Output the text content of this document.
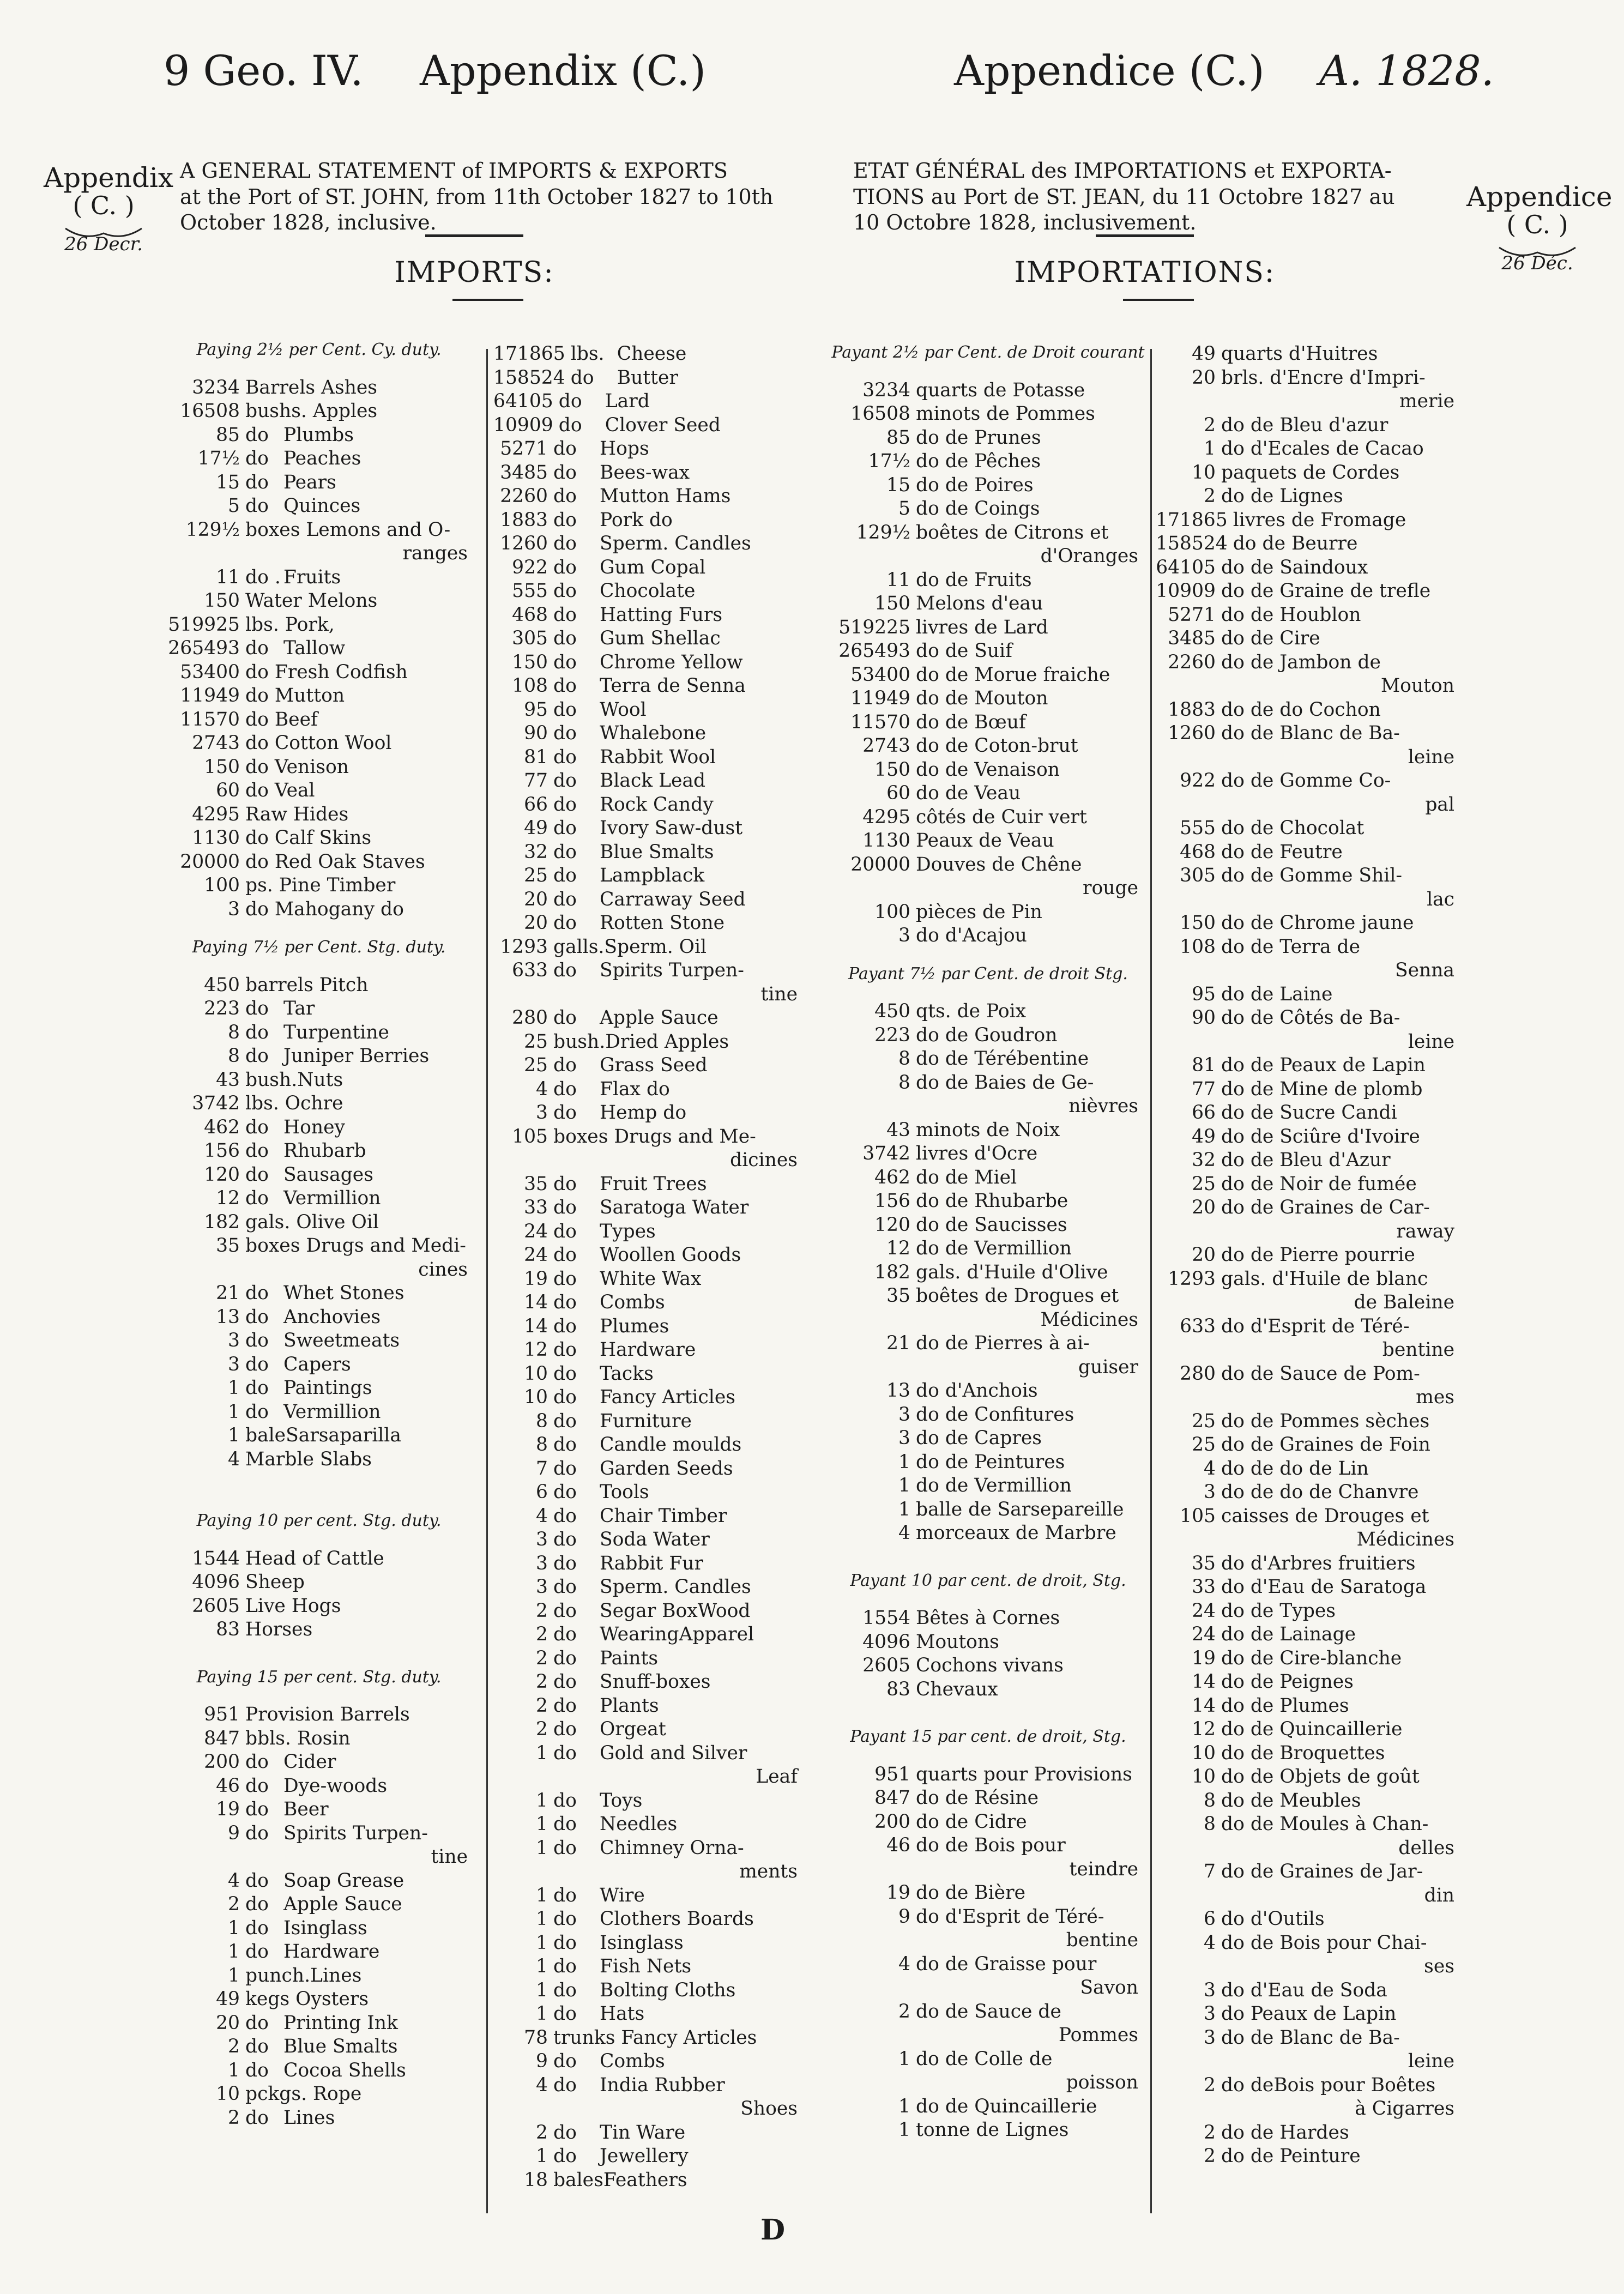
9 Geo. IV. Appendix (C.)	Appendice (C.) A. 1828.
Appendix
( C. )
26 Decr.
Appendice
( C. )
26 Déc.
A GENERAL STATEMENT of IMPORTS & EXPORTS
at the Port of ST. JOHN, from 11th October 1827 to 10th
October 1828, inclusive.
ETAT GÉNÉRAL des IMPORTATIONS et EXPORTA-
TIONS au Port de ST. JEAN, du 11 Octobre 1827 au
10 Octobre 1828, inclusivement.
IMPORTS:	IMPORTATIONS:
Paying 2½ per Cent. Cy. duty.
3234 Barrels Ashes
16508 bushs. Apples
85 do Plumbs
17½ do Peaches
15 do Pears
5 do Quinces
129½ boxes Lemons and O-
ranges
11 do . Fruits
150 Water Melons
519925 lbs. Pork,
265493 do Tallow
53400 do Fresh Codfish
11949 do Mutton
11570 do Beef
2743 do Cotton Wool
150 do Venison
60 do Veal
4295 Raw Hides
1130 do Calf Skins
20000 do Red Oak Staves
100 ps. Pine Timber
3 do Mahogany do
Paying 7½ per Cent. Stg. duty.
450 barrels Pitch
223 do Tar
8 do Turpentine
8 do Juniper Berries
43 bush.Nuts
3742 lbs. Ochre
462 do Honey
156 do Rhubarb
120 do Sausages
12 do Vermillion
182 gals. Olive Oil
35 boxes Drugs and Medi-
cines
21 do Whet Stones
13 do Anchovies
3 do Sweetmeats
3 do Capers
1 do Paintings
1 do Vermillion
1 bale Sarsaparilla
4 Marble Slabs
Paying 10 per cent. Stg. duty.
1544 Head of Cattle
4096 Sheep
2605 Live Hogs
83 Horses
Paying 15 per cent. Stg. duty.
951 Provision Barrels
847 bbls. Rosin
200 do Cider
46 do Dye-woods
19 do Beer
9 do Spirits Turpen-
tine
4 do Soap Grease
2 do Apple Sauce
1 do Isinglass
1 do Hardware
1 punch.Lines
49 kegs Oysters
20 do Printing Ink
2 do Blue Smalts
1 do Cocoa Shells
10 pckgs. Rope
2 do Lines
171865 lbs. Cheese
158524 do	Butter
64105 do	Lard
10909 do	Clover Seed
5271 do	Hops
3485 do	Bees-wax
2260 do	Mutton Hams
1883 do	Pork do
1260 do	Sperm. Candles
922 do	Gum Copal
555 do	Chocolate
468 do	Hatting Furs
305 do	Gum Shellac
150 do	Chrome Yellow
108 do	Terra de Senna
95 do	Wool
90 do	Whalebone
81 do	Rabbit Wool
77 do	Black Lead
66 do	Rock Candy
49 do	Ivory Saw-dust
32 do	Blue Smalts
25 do	Lampblack
20 do	Carraway Seed
20 do	Rotten Stone
1293 galls. Sperm. Oil
633 do	Spirits Turpen-
tine
280 do	Apple Sauce
25 bush. Dried Apples
25 do	Grass Seed
4 do	Flax do
3 do	Hemp do
105 boxes Drugs and Me-
dicines
35 do	Fruit Trees
33 do	Saratoga Water
24 do	Types
24 do	Woollen Goods
19 do	White Wax
14 do	Combs
14 do	Plumes
12 do	Hardware
10 do	Tacks
10 do	Fancy Articles
8 do	Furniture
8 do	Candle moulds
7 do	Garden Seeds
6 do	Tools
4 do	Chair Timber
3 do	Soda Water
3 do	Rabbit Fur
3 do	Sperm. Candles
2 do	Segar BoxWood
2 do	WearingApparel
2 do	Paints
2 do	Snuff-boxes
2 do	Plants
2 do	Orgeat
1 do	Gold and Silver
Leaf
1 do	Toys
1 do	Needles
1 do	Chimney Orna-
ments
1 do	Wire
1 do	Clothers Boards
1 do	Isinglass
1 do	Fish Nets
1 do	Bolting Cloths
1 do	Hats
78 trunks Fancy Articles
9 do	Combs
4 do	India Rubber
Shoes
2 do	Tin Ware
1 do	Jewellery
18 bales Feathers
Payant 2½ par Cent. de Droit courant
3234 quarts de Potasse
16508 minots de Pommes
85 do de Prunes
17½ do de Pêches
15 do de Poires
5 do de Coings
129½ boêtes de Citrons et
d'Oranges
11 do de Fruits
150 Melons d'eau
519225 livres de Lard
265493 do de Suif
53400 do de Morue fraiche
11949 do de Mouton
11570 do de Bœuf
2743 do de Coton-brut
150 do de Venaison
60 do de Veau
4295 côtés de Cuir vert
1130 Peaux de Veau
20000 Douves de Chêne
rouge
100 pièces de Pin
3 do d'Acajou
Payant 7½ par Cent. de droit Stg.
450 qts. de Poix
223 do de Goudron
8 do de Térébentine
8 do de Baies de Ge-
nièvres
43 minots de Noix
3742 livres d'Ocre
462 do de Miel
156 do de Rhubarbe
120 do de Saucisses
12 do de Vermillion
182 gals. d'Huile d'Olive
35 boêtes de Drogues et
Médicines
21 do de Pierres à ai-
guiser
13 do d'Anchois
3 do de Confitures
3 do de Capres
1 do de Peintures
1 do de Vermillion
1 balle de Sarsepareille
4 morceaux de Marbre
Payant 10 par cent. de droit, Stg.
1554 Bêtes à Cornes
4096 Moutons
2605 Cochons vivans
83 Chevaux
Payant 15 par cent. de droit, Stg.
951 quarts pour Provisions
847 do de Résine
200 do de Cidre
46 do de Bois pour
teindre
19 do de Bière
9 do d'Esprit de Téré-
bentine
4 do de Graisse pour
Savon
2 do de Sauce de
Pommes
1 do de Colle de
poisson
1 do de Quincaillerie
1 tonne de Lignes
49 quarts d'Huitres
20 brls. d'Encre d'Impri-
merie
2 do de Bleu d'azur
1 do d'Ecales de Cacao
10 paquets de Cordes
2 do de Lignes
171865 livres de Fromage
158524 do de Beurre
64105 do de Saindoux
10909 do de Graine de trefle
5271 do de Houblon
3485 do de Cire
2260 do de Jambon de
Mouton
1883 do de do Cochon
1260 do de Blanc de Ba-
leine
922 do de Gomme Co-
pal
555 do de Chocolat
468 do de Feutre
305 do de Gomme Shil-
lac
150 do de Chrome jaune
108 do de Terra de
Senna
95 do de Laine
90 do de Côtés de Ba-
leine
81 do de Peaux de Lapin
77 do de Mine de plomb
66 do de Sucre Candi
49 do de Sciûre d'Ivoire
32 do de Bleu d'Azur
25 do de Noir de fumée
20 do de Graines de Car-
raway
20 do de Pierre pourrie
1293 gals. d'Huile de blanc
de Baleine
633 do d'Esprit de Téré-
bentine
280 do de Sauce de Pom-
mes
25 do de Pommes sèches
25 do de Graines de Foin
4 do de do de Lin
3 do de do de Chanvre
105 caisses de Drouges et
Médicines
35 do d'Arbres fruitiers
33 do d'Eau de Saratoga
24 do de Types
24 do de Lainage
19 do de Cire-blanche
14 do de Peignes
14 do de Plumes
12 do de Quincaillerie
10 do de Broquettes
10 do de Objets de goût
8 do de Meubles
8 do de Moules à Chan-
delles
7 do de Graines de Jar-
din
6 do d'Outils
4 do de Bois pour Chai-
ses
3 do d'Eau de Soda
3 do Peaux de Lapin
3 do de Blanc de Ba-
leine
2 do deBois pour Boêtes
à Cigarres
2 do de Hardes
2 do de Peinture
D
